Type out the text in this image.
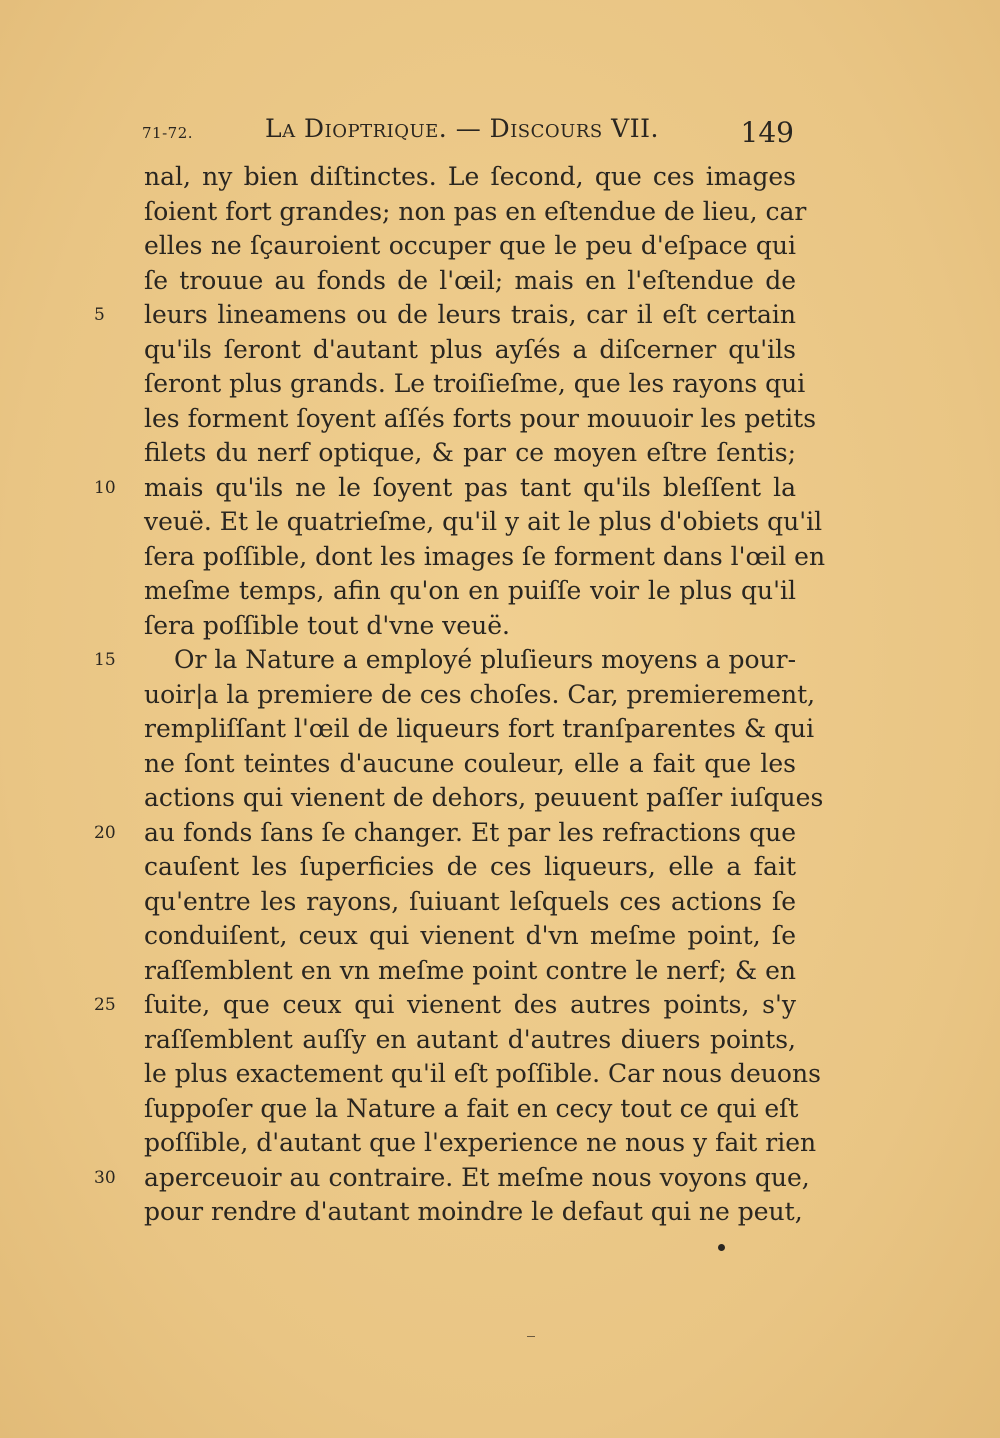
71-72.	La Dioptrique. — Discours VII.	149
nal, ny bien diſtinctes. Le ſecond, que ces images
ſoient fort grandes; non pas en eſtendue de lieu, car
elles ne ſçauroient occuper que le peu d'eſpace qui
ſe trouue au fonds de l'œil; mais en l'eſtendue de
leurs lineamens ou de leurs trais, car il eſt certain
5
qu'ils ſeront d'autant plus ayſés a diſcerner qu'ils
ſeront plus grands. Le troiſieſme, que les rayons qui
les forment ſoyent aſſés forts pour mouuoir les petits
filets du nerf optique, & par ce moyen eſtre ſentis;
mais qu'ils ne le ſoyent pas tant qu'ils bleſſent la
10
veuë. Et le quatrieſme, qu'il y ait le plus d'obiets qu'il
ſera poſſible, dont les images ſe forment dans l'œil en
meſme temps, afin qu'on en puiſſe voir le plus qu'il
ſera poſſible tout d'vne veuë.
Or la Nature a employé pluſieurs moyens a pour-
15
uoir|a la premiere de ces choſes. Car, premierement,
rempliſſant l'œil de liqueurs fort tranſparentes & qui
ne ſont teintes d'aucune couleur, elle a fait que les
actions qui vienent de dehors, peuuent paſſer iuſques
au fonds ſans ſe changer. Et par les refractions que
20
cauſent les ſuperficies de ces liqueurs, elle a fait
qu'entre les rayons, ſuiuant leſquels ces actions ſe
conduiſent, ceux qui vienent d'vn meſme point, ſe
raſſemblent en vn meſme point contre le nerf; & en
ſuite, que ceux qui vienent des autres points, s'y
25
raſſemblent auſſy en autant d'autres diuers points,
le plus exactement qu'il eſt poſſible. Car nous deuons
ſuppoſer que la Nature a fait en cecy tout ce qui eſt
poſſible, d'autant que l'experience ne nous y fait rien
aperceuoir au contraire. Et meſme nous voyons que,
30
pour rendre d'autant moindre le defaut qui ne peut,
